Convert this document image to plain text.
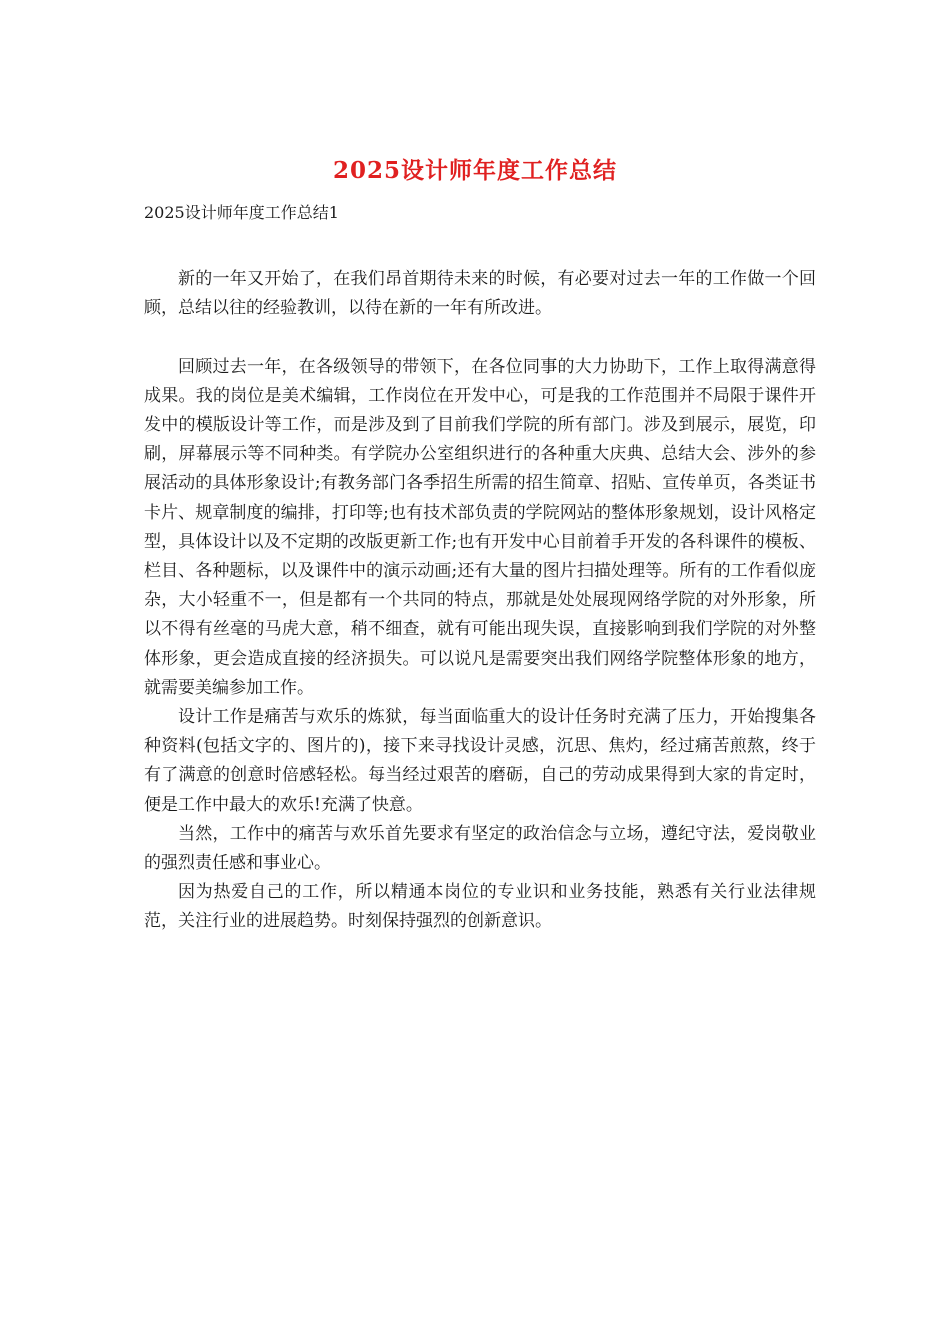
2025设计师年度工作总结
2025设计师年度工作总结1

新的一年又开始了，在我们昂首期待未来的时候，有必要对过去一年的工作做一个回顾，总结以往的经验教训，以待在新的一年有所改进。

回顾过去一年，在各级领导的带领下，在各位同事的大力协助下，工作上取得满意得成果。我的岗位是美术编辑，工作岗位在开发中心，可是我的工作范围并不局限于课件开发中的模版设计等工作，而是涉及到了目前我们学院的所有部门。涉及到展示，展览，印刷，屏幕展示等不同种类。有学院办公室组织进行的各种重大庆典、总结大会、涉外的参展活动的具体形象设计;有教务部门各季招生所需的招生简章、招贴、宣传单页，各类证书卡片、规章制度的编排，打印等;也有技术部负责的学院网站的整体形象规划，设计风格定型，具体设计以及不定期的改版更新工作;也有开发中心目前着手开发的各科课件的模板、栏目、各种题标，以及课件中的演示动画;还有大量的图片扫描处理等。所有的工作看似庞杂，大小轻重不一，但是都有一个共同的特点，那就是处处展现网络学院的对外形象，所以不得有丝毫的马虎大意，稍不细查，就有可能出现失误，直接影响到我们学院的对外整体形象，更会造成直接的经济损失。可以说凡是需要突出我们网络学院整体形象的地方，就需要美编参加工作。

设计工作是痛苦与欢乐的炼狱，每当面临重大的设计任务时充满了压力，开始搜集各种资料(包括文字的、图片的)，接下来寻找设计灵感，沉思、焦灼，经过痛苦煎熬，终于有了满意的创意时倍感轻松。每当经过艰苦的磨砺，自己的劳动成果得到大家的肯定时，便是工作中最大的欢乐!充满了快意。

当然，工作中的痛苦与欢乐首先要求有坚定的政治信念与立场，遵纪守法，爱岗敬业的强烈责任感和事业心。

因为热爱自己的工作，所以精通本岗位的专业识和业务技能，熟悉有关行业法律规范，关注行业的进展趋势。时刻保持强烈的创新意识。
